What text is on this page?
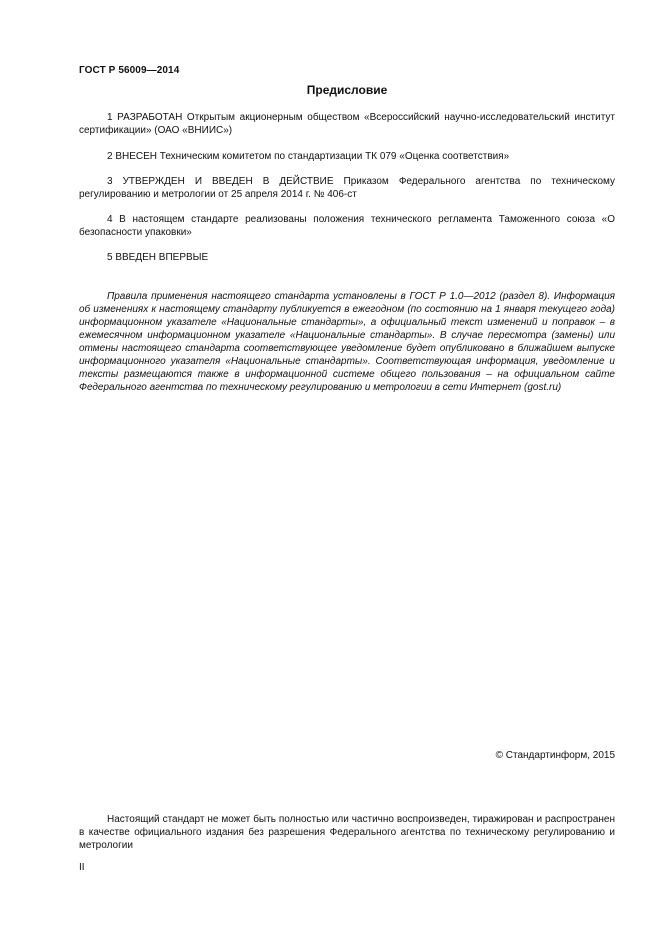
ГОСТ Р 56009—2014
Предисловие
1 РАЗРАБОТАН Открытым акционерным обществом «Всероссийский научно-исследовательский институт сертификации» (ОАО «ВНИИС»)
2 ВНЕСЕН Техническим комитетом по стандартизации ТК 079 «Оценка соответствия»
3 УТВЕРЖДЕН И ВВЕДЕН В ДЕЙСТВИЕ Приказом Федерального агентства по техническому регулированию и метрологии от 25 апреля 2014 г. № 406-ст
4 В настоящем стандарте реализованы положения технического регламента Таможенного союза «О безопасности упаковки»
5 ВВЕДЕН ВПЕРВЫЕ
Правила применения настоящего стандарта установлены в ГОСТ Р 1.0—2012 (раздел 8). Информация об изменениях к настоящему стандарту публикуется в ежегодном (по состоянию на 1 января текущего года) информационном указателе «Национальные стандарты», а официальный текст изменений и поправок – в ежемесячном информационном указателе «Национальные стандарты». В случае пересмотра (замены) или отмены настоящего стандарта соответствующее уведомление будет опубликовано в ближайшем выпуске информационного указателя «Национальные стандарты». Соответствующая информация, уведомление и тексты размещаются также в информационной системе общего пользования – на официальном сайте Федерального агентства по техническому регулированию и метрологии в сети Интернет (gost.ru)
© Стандартинформ, 2015
Настоящий стандарт не может быть полностью или частично воспроизведен, тиражирован и распространен в качестве официального издания без разрешения Федерального агентства по техническому регулированию и метрологии
II
